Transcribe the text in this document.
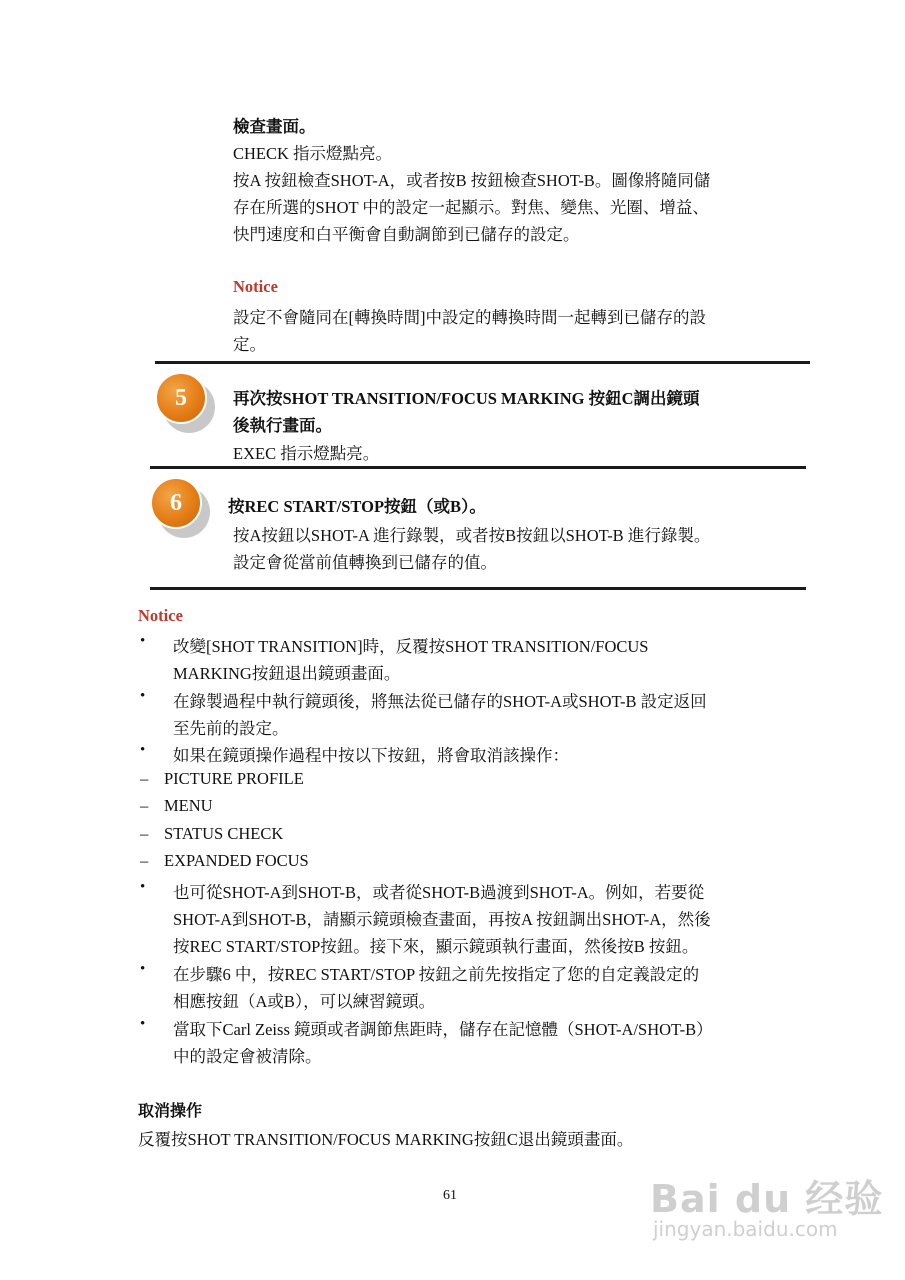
檢查畫面。
CHECK 指示燈點亮。
按A 按鈕檢查SHOT-A，或者按B 按鈕檢查SHOT-B。圖像將隨同儲
存在所選的SHOT 中的設定一起顯示。對焦、變焦、光圈、增益、
快門速度和白平衡會自動調節到已儲存的設定。
Notice
設定不會隨同在[轉換時間]中設定的轉換時間一起轉到已儲存的設
定。
5	再次按SHOT TRANSITION/FOCUS MARKING 按鈕C調出鏡頭
後執行畫面。
EXEC 指示燈點亮。
6	按REC START/STOP按鈕（或B）。
按A按鈕以SHOT-A 進行錄製，或者按B按鈕以SHOT-B 進行錄製。
設定會從當前值轉換到已儲存的值。
Notice
• 改變[SHOT TRANSITION]時，反覆按SHOT TRANSITION/FOCUS
MARKING按鈕退出鏡頭畫面。
• 在錄製過程中執行鏡頭後，將無法從已儲存的SHOT-A或SHOT-B 設定返回
至先前的設定。
• 如果在鏡頭操作過程中按以下按鈕，將會取消該操作：
– PICTURE PROFILE
– MENU
– STATUS CHECK
– EXPANDED FOCUS
• 也可從SHOT-A到SHOT-B，或者從SHOT-B過渡到SHOT-A。例如，若要從
SHOT-A到SHOT-B，請顯示鏡頭檢查畫面，再按A 按鈕調出SHOT-A，然後
按REC START/STOP按鈕。接下來，顯示鏡頭執行畫面，然後按B 按鈕。
• 在步驟6 中，按REC START/STOP 按鈕之前先按指定了您的自定義設定的
相應按鈕（A或B），可以練習鏡頭。
• 當取下Carl Zeiss 鏡頭或者調節焦距時，儲存在記憶體（SHOT-A/SHOT-B）
中的設定會被清除。
取消操作
反覆按SHOT TRANSITION/FOCUS MARKING按鈕C退出鏡頭畫面。
61	Bai du 经验
jingyan.baidu.com
